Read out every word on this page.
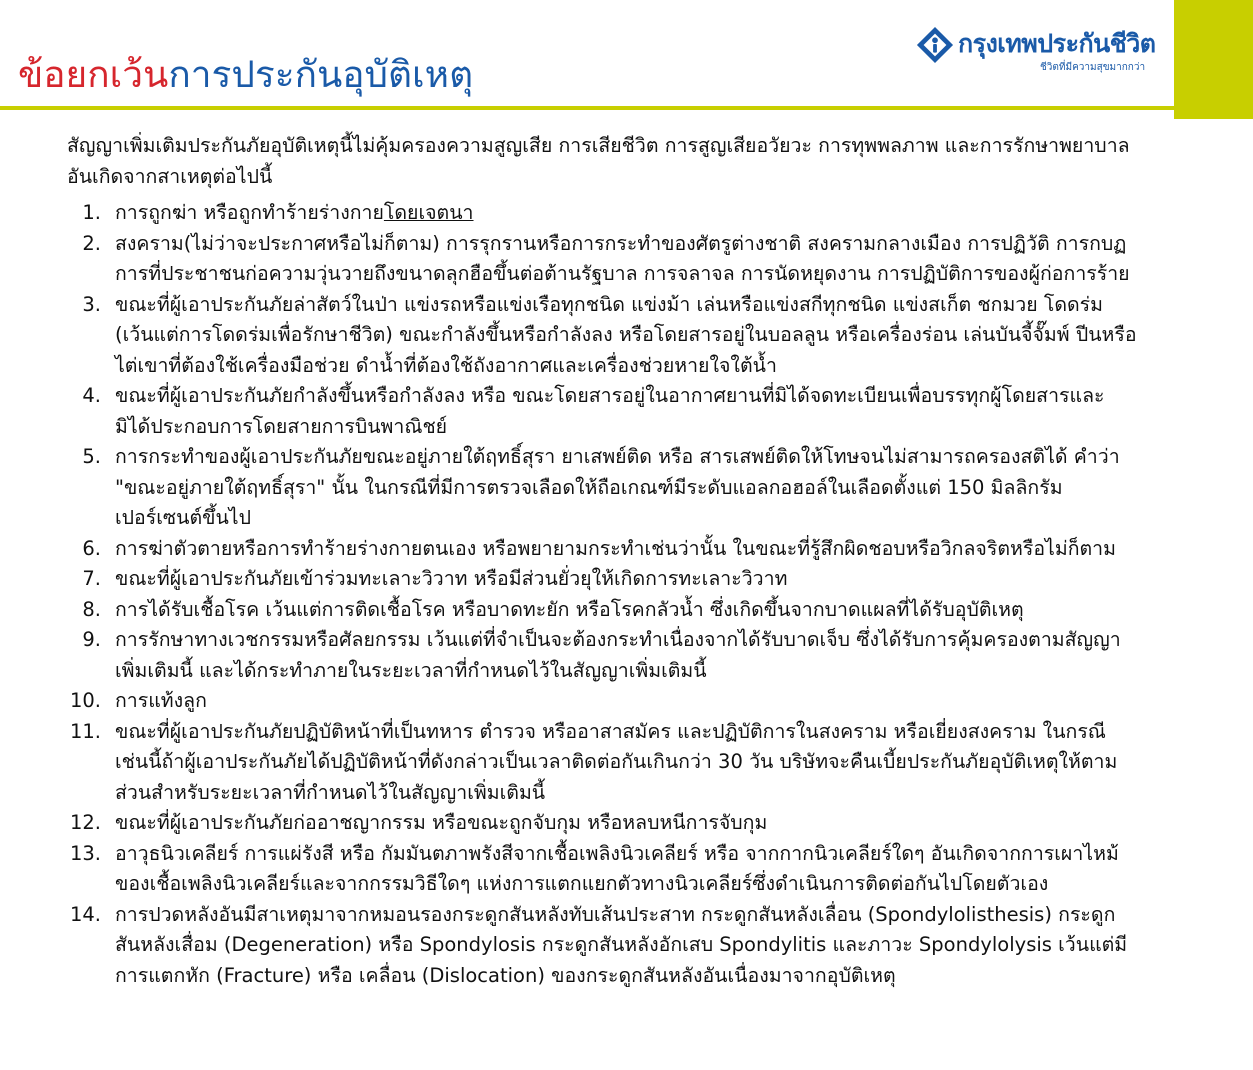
ข้อยกเว้นการประกันอุบัติเหตุ
กรุงเทพประกันชีวิต
ชีวิตที่มีความสุขมากกว่า

สัญญาเพิ่มเติมประกันภัยอุบัติเหตุนี้ไม่คุ้มครองความสูญเสีย การเสียชีวิต การสูญเสียอวัยวะ การทุพพลภาพ และการรักษาพยาบาล อันเกิดจากสาเหตุต่อไปนี้

1. การถูกฆ่า หรือถูกทำร้ายร่างกายโดยเจตนา
2. สงคราม(ไม่ว่าจะประกาศหรือไม่ก็ตาม) การรุกรานหรือการกระทำของศัตรูต่างชาติ สงครามกลางเมือง การปฏิวัติ การกบฏ การที่ประชาชนก่อความวุ่นวายถึงขนาดลุกฮือขึ้นต่อต้านรัฐบาล การจลาจล การนัดหยุดงาน การปฏิบัติการของผู้ก่อการร้าย
3. ขณะที่ผู้เอาประกันภัยล่าสัตว์ในป่า แข่งรถหรือแข่งเรือทุกชนิด แข่งม้า เล่นหรือแข่งสกีทุกชนิด แข่งสเก็ต ชกมวย โดดร่ม (เว้นแต่การโดดร่มเพื่อรักษาชีวิต) ขณะกำลังขึ้นหรือกำลังลง หรือโดยสารอยู่ในบอลลูน หรือเครื่องร่อน เล่นบันจี้จั๊มพ์ ปีนหรือไต่เขาที่ต้องใช้เครื่องมือช่วย ดำน้ำที่ต้องใช้ถังอากาศและเครื่องช่วยหายใจใต้น้ำ
4. ขณะที่ผู้เอาประกันภัยกำลังขึ้นหรือกำลังลง หรือ ขณะโดยสารอยู่ในอากาศยานที่มิได้จดทะเบียนเพื่อบรรทุกผู้โดยสารและมิได้ประกอบการโดยสายการบินพาณิชย์
5. การกระทำของผู้เอาประกันภัยขณะอยู่ภายใต้ฤทธิ์สุรา ยาเสพย์ติด หรือ สารเสพย์ติดให้โทษจนไม่สามารถครองสติได้ คำว่า "ขณะอยู่ภายใต้ฤทธิ์สุรา" นั้น ในกรณีที่มีการตรวจเลือดให้ถือเกณฑ์มีระดับแอลกอฮอล์ในเลือดตั้งแต่ 150 มิลลิกรัมเปอร์เซนต์ขึ้นไป
6. การฆ่าตัวตายหรือการทำร้ายร่างกายตนเอง หรือพยายามกระทำเช่นว่านั้น ในขณะที่รู้สึกผิดชอบหรือวิกลจริตหรือไม่ก็ตาม
7. ขณะที่ผู้เอาประกันภัยเข้าร่วมทะเลาะวิวาท หรือมีส่วนยั่วยุให้เกิดการทะเลาะวิวาท
8. การได้รับเชื้อโรค เว้นแต่การติดเชื้อโรค หรือบาดทะยัก หรือโรคกลัวน้ำ ซึ่งเกิดขึ้นจากบาดแผลที่ได้รับอุบัติเหตุ
9. การรักษาทางเวชกรรมหรือศัลยกรรม เว้นแต่ที่จำเป็นจะต้องกระทำเนื่องจากได้รับบาดเจ็บ ซึ่งได้รับการคุ้มครองตามสัญญาเพิ่มเติมนี้ และได้กระทำภายในระยะเวลาที่กำหนดไว้ในสัญญาเพิ่มเติมนี้
10. การแท้งลูก
11. ขณะที่ผู้เอาประกันภัยปฏิบัติหน้าที่เป็นทหาร ตำรวจ หรืออาสาสมัคร และปฏิบัติการในสงคราม หรือเยี่ยงสงคราม ในกรณีเช่นนี้ถ้าผู้เอาประกันภัยได้ปฏิบัติหน้าที่ดังกล่าวเป็นเวลาติดต่อกันเกินกว่า 30 วัน บริษัทจะคืนเบี้ยประกันภัยอุบัติเหตุให้ตามส่วนสำหรับระยะเวลาที่กำหนดไว้ในสัญญาเพิ่มเติมนี้
12. ขณะที่ผู้เอาประกันภัยก่ออาชญากรรม หรือขณะถูกจับกุม หรือหลบหนีการจับกุม
13. อาวุธนิวเคลียร์ การแผ่รังสี หรือ กัมมันตภาพรังสีจากเชื้อเพลิงนิวเคลียร์ หรือ จากกากนิวเคลียร์ใดๆ อันเกิดจากการเผาไหม้ของเชื้อเพลิงนิวเคลียร์และจากกรรมวิธีใดๆ แห่งการแตกแยกตัวทางนิวเคลียร์ซึ่งดำเนินการติดต่อกันไปโดยตัวเอง
14. การปวดหลังอันมีสาเหตุมาจากหมอนรองกระดูกสันหลังทับเส้นประสาท กระดูกสันหลังเลื่อน (Spondylolisthesis) กระดูกสันหลังเสื่อม (Degeneration) หรือ Spondylosis กระดูกสันหลังอักเสบ Spondylitis และภาวะ Spondylolysis เว้นแต่มีการแตกหัก (Fracture) หรือ เคลื่อน (Dislocation) ของกระดูกสันหลังอันเนื่องมาจากอุบัติเหตุ
